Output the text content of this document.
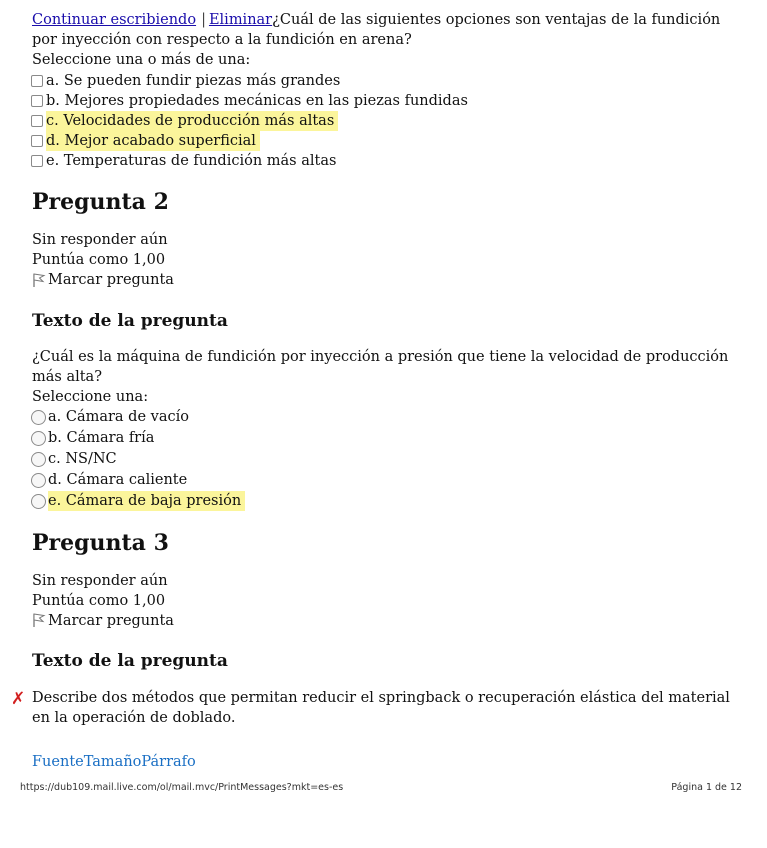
Continuar escribiendo | Eliminar¿Cuál de las siguientes opciones son ventajas de la fundición por inyección con respecto a la fundición en arena?
Seleccione una o más de una:
a. Se pueden fundir piezas más grandes
b. Mejores propiedades mecánicas en las piezas fundidas
c. Velocidades de producción más altas
d. Mejor acabado superficial
e. Temperaturas de fundición más altas
Pregunta 2
Sin responder aún
Puntúa como 1,00
Marcar pregunta
Texto de la pregunta
¿Cuál es la máquina de fundición por inyección a presión que tiene la velocidad de producción más alta?
Seleccione una:
a. Cámara de vacío
b. Cámara fría
c. NS/NC
d. Cámara caliente
e. Cámara de baja presión
Pregunta 3
Sin responder aún
Puntúa como 1,00
Marcar pregunta
Texto de la pregunta
✗ Describe dos métodos que permitan reducir el springback o recuperación elástica del material en la operación de doblado.
Fuente Tamaño Párrafo
https://dub109.mail.live.com/ol/mail.mvc/PrintMessages?mkt=es-es	Página 1 de 12
